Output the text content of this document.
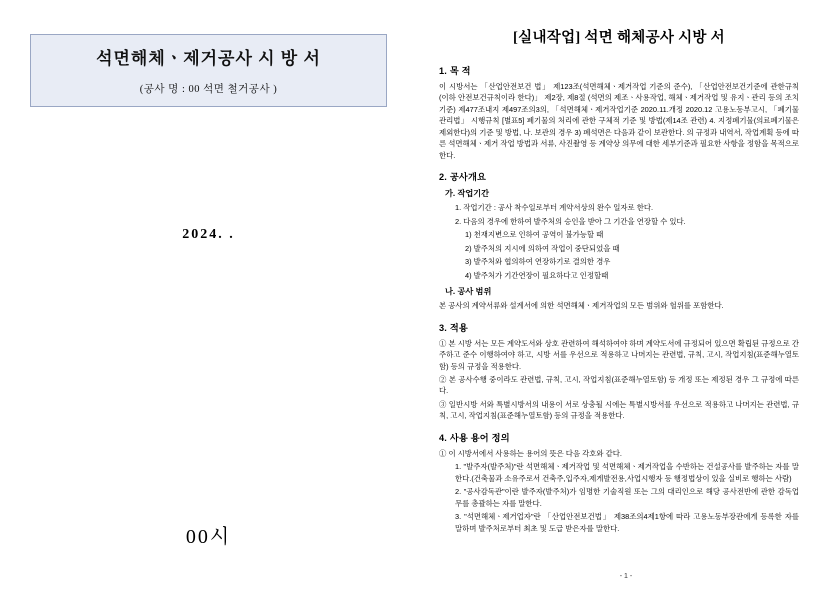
석면해체ㆍ제거공사 시 방 서
(공사 명 : 00 석면 철거공사 )
2024. .
00시
[실내작업] 석면 해체공사 시방 서
1. 목 적
이 시방서는 「산업안전보건 법」 제123조(석면해체ㆍ제거작업 기준의 준수), 「산업안전보건기준에 관한규칙 (이하 안전보건규칙이라 한다)」 제2장, 제8절 (석면의 제조ㆍ사용작업, 해체ㆍ제거작업 및 유지ㆍ관리 등의 조치 기준) 제477조내지 제497조의3의, 「석면해체ㆍ제거작업기준 2020.11.개정 2020.12 고용노동부고시, 「폐기물관리법」 시행규칙 [별표5] 폐기물의 처리에 관한 구체적 기준 및 방법(제14조 관련) 4. 지정폐기물(의료폐기물은 제외한다)의 기준 및 방법, 나. 보관의 경우 3) 폐석면은 다음과 같이 보관한다. 의 규정과 내역서, 작업계획 등에 따른 석면해체ㆍ제거 작업 방법과 서류, 사진촬영 등 계약상 의무에 대한 세부기준과 필요한 사항을 정함을 목적으로 한다.
2. 공사개요
가. 작업기간
1. 작업기간 : 공사 착수일로부터 계약서상의 완수 일자로 한다.
2. 다음의 경우에 한하여 발주처의 승인을 받아 그 기간을 연장할 수 있다.
1) 천재지변으로 인하여 공역이 불가능할 때
2) 발주처의 지시에 의하여 작업이 중단되었을 때
3) 발주처와 협의하여 연장하기로 결의한 경우
4) 발주처가 기간연장이 필요하다고 인정할때
나. 공사 범위
본 공사의 계약서류와 설계서에 의한 석면해체ㆍ제거작업의 모든 범위와 헐위를 포함한다.
3. 적용
① 본 시방 서는 모든 계약도서와 상호 관련하여 해석하여야 하며 계약도서에 규정되어 있으면 확립된 규정으로 간주하고 준수 이행하여야 하고, 시방 서를 우선으로 적용하고 나머지는 관련법, 규칙, 고시, 작업지침(표준해누열토함) 등의 규정을 적용한다.
② 본 공사수행 중이라도 관련법, 규칙, 고시, 작업지침(표준해누열토함) 등 개정 또는 제정된 경우 그 규정에 따른다.
③ 일반시방 서와 특별시방서의 내용이 서로 상충될 시에는 특별시방서를 우선으로 적용하고 나머지는 관련법, 규칙, 고시, 작업지침(표준해누열토함) 등의 규정을 적용한다.
4. 사용 용어 정의
① 이 시방서에서 사용하는 용어의 뜻은 다음 각호와 같다.
1. "발주자(발주처)"란 석면해체ㆍ제거작업 및 석면해체ㆍ제거작업을 수반하는 건설공사를 발주하는 자를 말한다.(건축물과 소유주로서 건축주,입주자,제게발전용,사업시행자 등 행정법상이 있을 실비로 행하는 사람)
2. "공사감독관"이란 발주자(발주처)가 임명한 기술직원 또는 그의 대리인으로 해당 공사전반에 관한 감독업무를 총괄하는 자를 말한다.
3. "석면해체ㆍ제거업자"란 「산업안전보건법」 제38조의4제1항에 따라 고용노동부장관에게 등록한 자를 말하며 발주처로부터 최초 및 도급 받은자를 말한다.
- 1 -
